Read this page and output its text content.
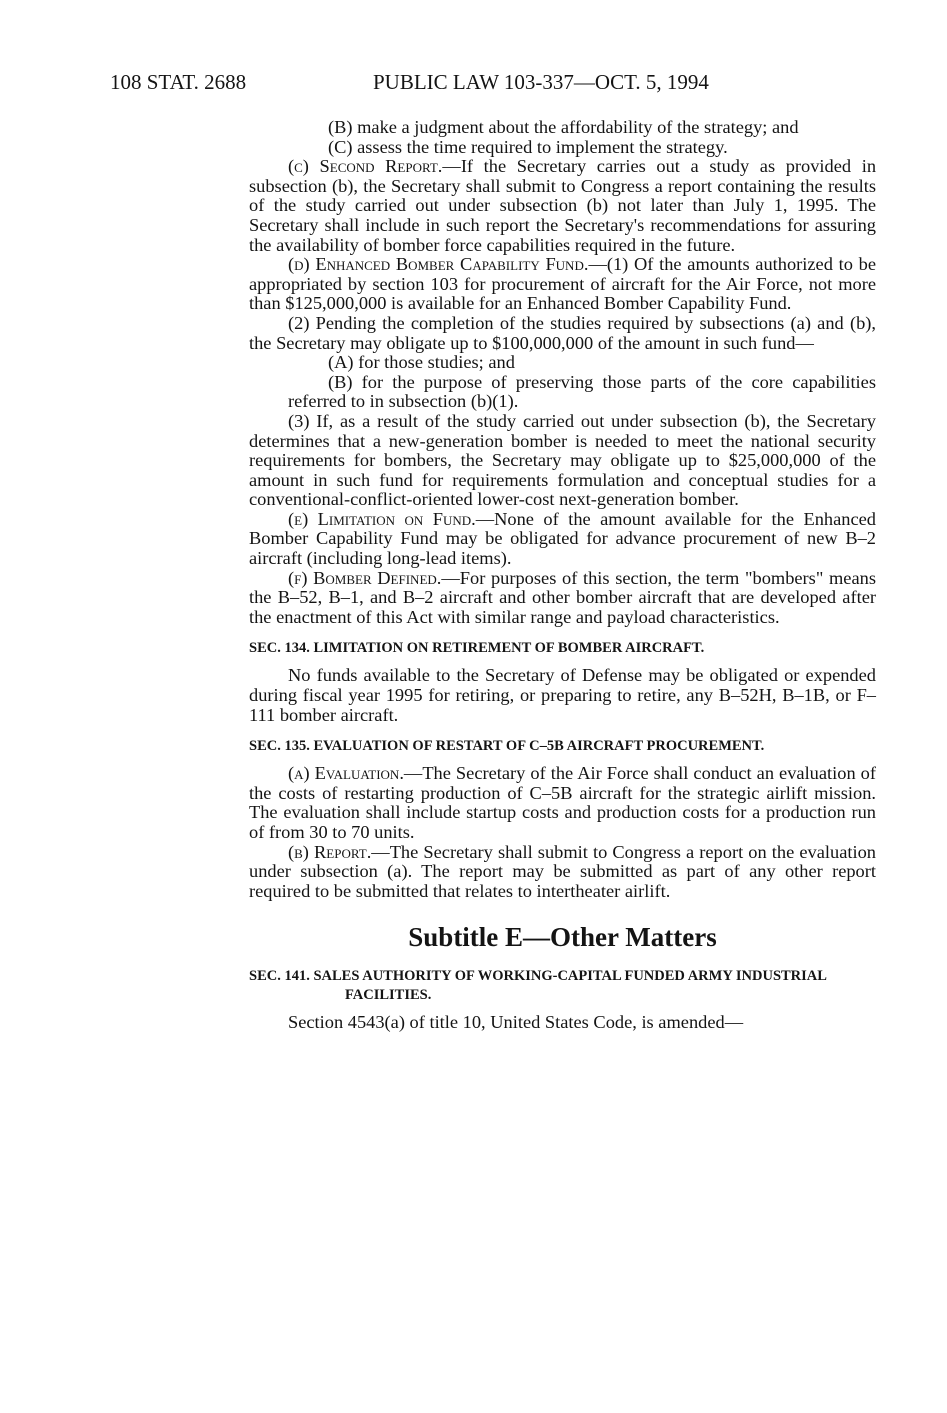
108 STAT. 2688	PUBLIC LAW 103-337—OCT. 5, 1994

(B) make a judgment about the affordability of the strategy; and

(C) assess the time required to implement the strategy.

(c) Second Report.—If the Secretary carries out a study as provided in subsection (b), the Secretary shall submit to Congress a report containing the results of the study carried out under subsection (b) not later than July 1, 1995. The Secretary shall include in such report the Secretary's recommendations for assuring the availability of bomber force capabilities required in the future.

(d) Enhanced Bomber Capability Fund.—(1) Of the amounts authorized to be appropriated by section 103 for procurement of aircraft for the Air Force, not more than $125,000,000 is available for an Enhanced Bomber Capability Fund.

(2) Pending the completion of the studies required by subsections (a) and (b), the Secretary may obligate up to $100,000,000 of the amount in such fund—

(A) for those studies; and

(B) for the purpose of preserving those parts of the core capabilities referred to in subsection (b)(1).

(3) If, as a result of the study carried out under subsection (b), the Secretary determines that a new-generation bomber is needed to meet the national security requirements for bombers, the Secretary may obligate up to $25,000,000 of the amount in such fund for requirements formulation and conceptual studies for a conventional-conflict-oriented lower-cost next-generation bomber.

(e) Limitation on Fund.—None of the amount available for the Enhanced Bomber Capability Fund may be obligated for advance procurement of new B–2 aircraft (including long-lead items).

(f) Bomber Defined.—For purposes of this section, the term "bombers" means the B–52, B–1, and B–2 aircraft and other bomber aircraft that are developed after the enactment of this Act with similar range and payload characteristics.

SEC. 134. LIMITATION ON RETIREMENT OF BOMBER AIRCRAFT.

No funds available to the Secretary of Defense may be obligated or expended during fiscal year 1995 for retiring, or preparing to retire, any B–52H, B–1B, or F–111 bomber aircraft.

SEC. 135. EVALUATION OF RESTART OF C–5B AIRCRAFT PROCUREMENT.

(a) Evaluation.—The Secretary of the Air Force shall conduct an evaluation of the costs of restarting production of C–5B aircraft for the strategic airlift mission. The evaluation shall include startup costs and production costs for a production run of from 30 to 70 units.

(b) Report.—The Secretary shall submit to Congress a report on the evaluation under subsection (a). The report may be submitted as part of any other report required to be submitted that relates to intertheater airlift.

Subtitle E—Other Matters
SEC. 141. SALES AUTHORITY OF WORKING-CAPITAL FUNDED ARMY INDUSTRIAL FACILITIES.

Section 4543(a) of title 10, United States Code, is amended—
